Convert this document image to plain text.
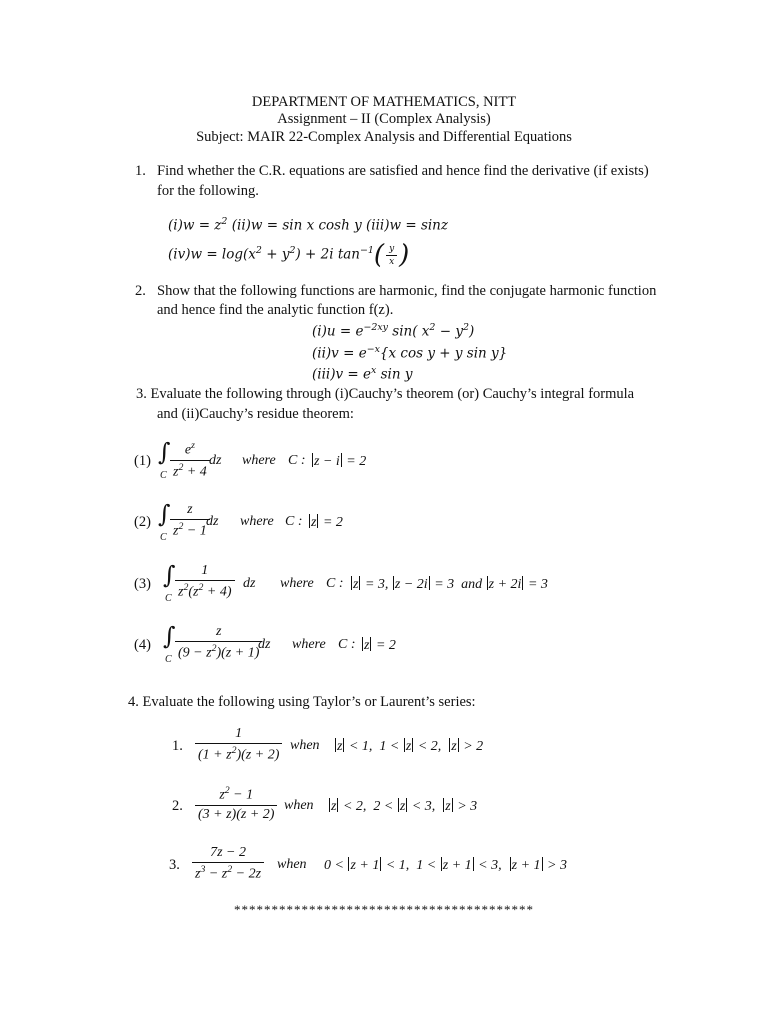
DEPARTMENT OF MATHEMATICS, NITT
Assignment – II (Complex Analysis)
Subject: MAIR 22-Complex Analysis and Differential Equations
1. Find whether the C.R. equations are satisfied and hence find the derivative (if exists)
for the following.
$(i)w = z^2$ (ii)w = sin x cosh y (iii)w = sinz
$(iv)w = \log(x^2 + y^2) + 2i$ $\tan^{-1}( \frac{y}{x}$ )
2. Show that the following functions are harmonic, find the conjugate harmonic function
and hence find the analytic function f(z).
$(i)u = e^{-2xy}$ sin( $x^2 - y^2$)
$(ii)v = e^{-x}\{x$ cos y + y sin y}
$(iii)v = e^x$ sin y
3. Evaluate the following through (i)Cauchy’s theorem (or) Cauchy’s integral formula
and (ii)Cauchy’s residue theorem:
(1) ∫
C $\frac{e^z}{z^2 + 4}$ dz where C : z − i = 2
(2) ∫
C $\frac{z}{z^2 - 1}$
dz where C : z = 2
(3) ∫
C $\frac{1}{z^2(z^2 + 4)}$ dz where C : z = 3, z − 2i = 3  and z + 2i = 3
(4) ∫
C $\frac{z}{(9 - z^2)(z + 1)}$
dz where C : z = 2
4. Evaluate the following using Taylor’s or Laurent’s series:
1. $\frac{1}{(1 + z^2)(z + 2)}$ when z < 1,  1 < z < 2,  z > 2
2. $\frac{z^2 - 1}{(3 + z)(z + 2)}$ when z < 2,  2 < z < 3,  z > 3
3. $\frac{7z - 2}{z^3 - z^2 - 2z}$ when 0 < z + 1 < 1,  1 < z + 1 < 3,  z + 1 > 3
****************************************
